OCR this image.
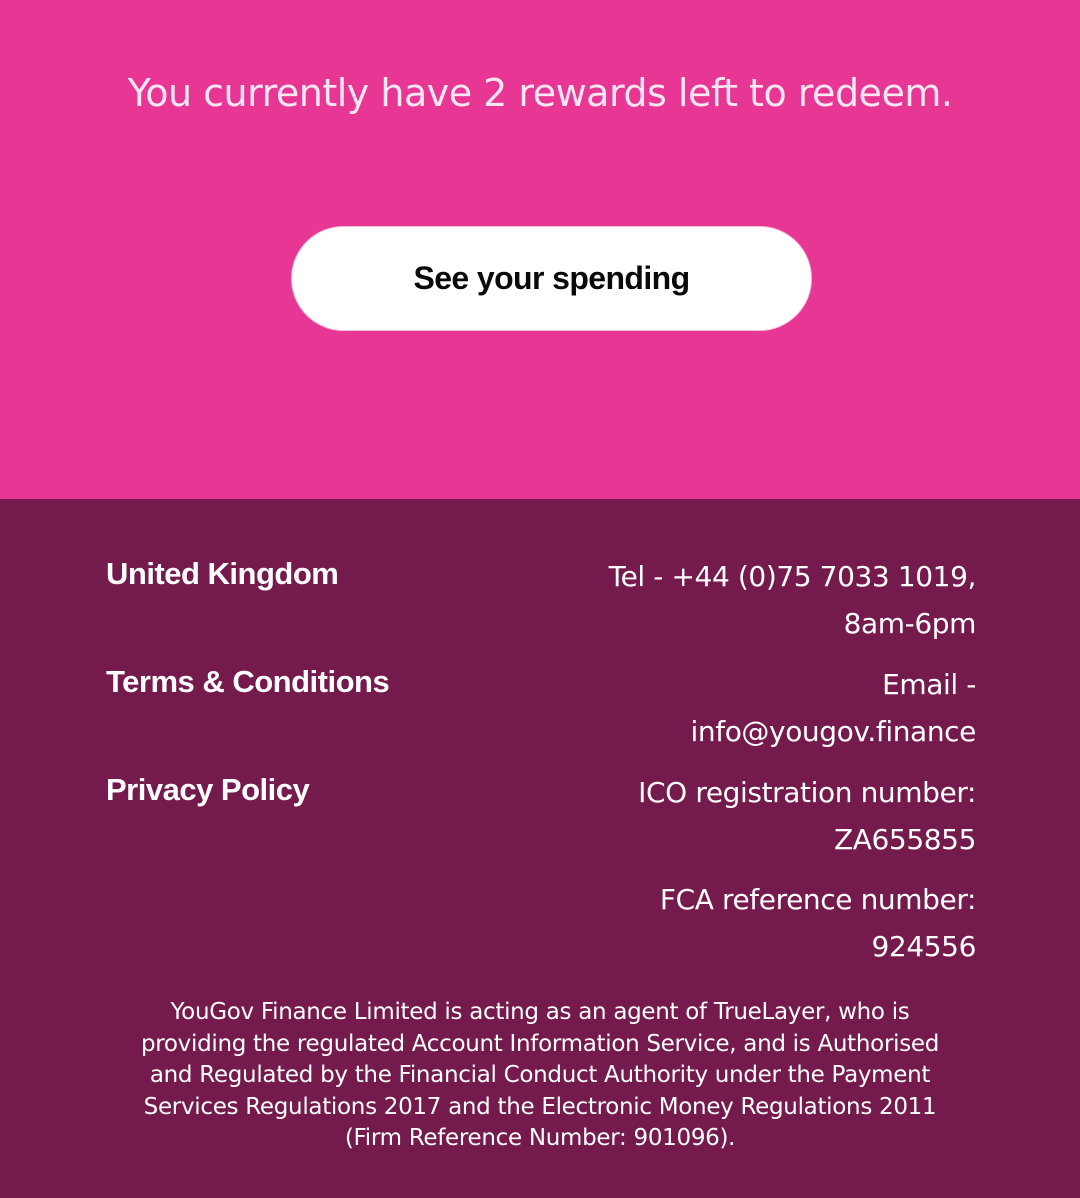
You currently have 2 rewards left to redeem.
See your spending
United Kingdom
Terms & Conditions
Privacy Policy
Tel - +44 (0)75 7033 1019,
8am-6pm
Email -
info@yougov.finance
ICO registration number:
ZA655855
FCA reference number:
924556

YouGov Finance Limited is acting as an agent of TrueLayer, who is
providing the regulated Account Information Service, and is Authorised
and Regulated by the Financial Conduct Authority under the Payment
Services Regulations 2017 and the Electronic Money Regulations 2011
(Firm Reference Number: 901096).
